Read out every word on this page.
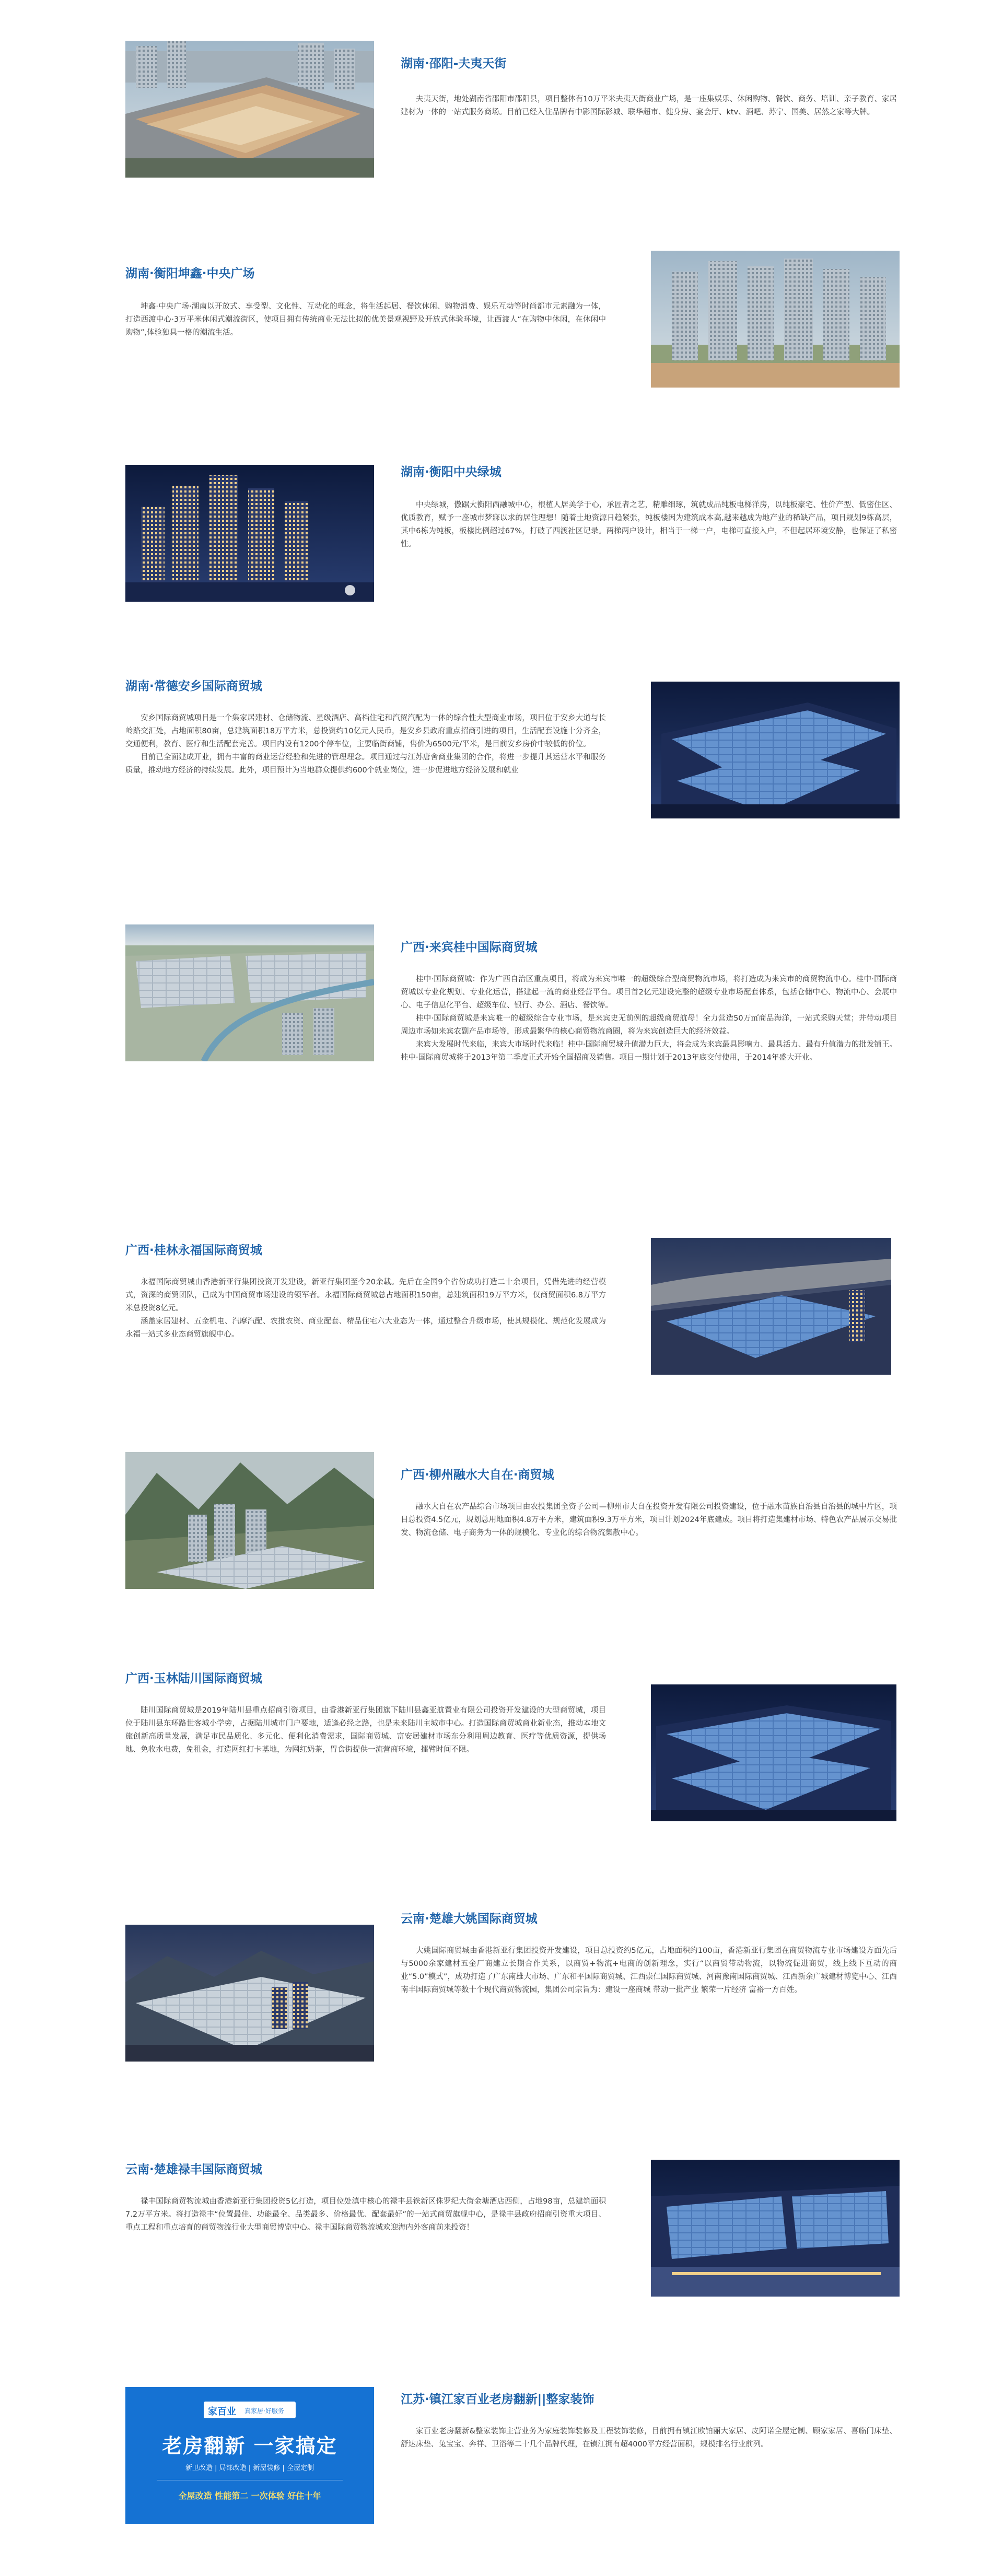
湖南·邵阳-夫夷天街

夫夷天街，地处湖南省邵阳市邵阳县，项目整体有10万平米夫夷天街商业广场，是一座集娱乐、休闲购物、餐饮、商务、培训、亲子教育、家居建材为一体的一站式服务商场。目前已经入住品牌有中影国际影城、联华超市、健身房、宴会厅、ktv、酒吧、苏宁、国美、居然之家等大牌。

湖南·衡阳坤鑫·中央广场

坤鑫·中央广场·湖南以开放式、享受型、文化性、互动化的理念，将生活起居、餐饮休闲、购物消费、娱乐互动等时尚都市元素融为一体，打造西渡中心·3万平米休闲式潮流街区，使项目拥有传统商业无法比拟的优美景观视野及开放式休验环境，让西渡人“在购物中休闲，在休闲中购物”,体验独具一格的潮流生活。

湖南·衡阳中央绿城

中央绿城，傲踞大衡阳西融城中心，根植人居美学于心，承匠者之艺，精雕细琢，筑就成品纯板电梯洋房，以纯板豪宅、性价产型、低密住区、优质教育，赋予一座城市梦寐以求的居住理想！随着土地资源日趋紧张，纯板楼因为建筑成本高,越来越成为地产业的稀缺产品，项目规划9栋高层，其中6栋为纯板，板楼比例超过67%，打破了西渡社区记录。两梯两户设计，相当于一梯一户，电梯可直接入户，不但起居环境安静，也保证了私密性。

湖南·常德安乡国际商贸城

安乡国际商贸城项目是一个集家居建材、仓储物流、星级酒店、高档住宅和汽贸汽配为一体的综合性大型商业市场，项目位于安乡大道与长岭路交汇处，占地面积80亩，总建筑面积18万平方米，总投资约10亿元人民币，是安乡县政府重点招商引进的项目，生活配套设施十分齐全，交通便利，教育、医疗和生活配套完善。项目内设有1200个停车位，主要临街商铺，售价为6500元/平米，是目前安乡房价中较低的价位。

目前已全面建成开业，拥有丰富的商业运营经验和先进的管理理念。项目通过与江苏唐舍商业集团的合作，将进一步提升其运营水平和服务质量，推动地方经济的持续发展。此外，项目预计为当地群众提供约600个就业岗位，进一步促进地方经济发展和就业

广西·来宾桂中国际商贸城

桂中·国际商贸城：作为广西自治区重点项目，将成为来宾市唯一的超级综合型商贸物流市场，将打造成为来宾市的商贸物流中心。桂中·国际商贸城以专业化规划、专业化运营，搭建起一流的商业经营平台。项目首2亿元建设完整的超级专业市场配套体系，包括仓储中心、物流中心、会展中心、电子信息化平台、超级车位、银行、办公、酒店、餐饮等。

桂中·国际商贸城是来宾唯一的超级综合专业市场，是来宾史无前例的超级商贸航母！全力营造50万㎡商品海洋，一站式采购天堂；并带动项目周边市场如来宾农副产品市场等，形成最繁华的核心商贸物流商圈，将为来宾创造巨大的经济效益。

来宾大发展时代来临，来宾大市场时代来临！桂中·国际商贸城升值潜力巨大，将会成为来宾最具影响力、最具活力、最有升值潜力的批发铺王。桂中·国际商贸城将于2013年第二季度正式开始全国招商及销售。项目一期计划于2013年底交付使用，于2014年盛大开业。

广西·桂林永福国际商贸城

永福国际商贸城由香港新亚行集团投资开发建设，新亚行集团至今20余载。先后在全国9个省份成功打造二十余项目，凭借先进的经营模式，资深的商贸团队，已成为中国商贸市场建设的领军者。永福国际商贸城总占地面积150亩，总建筑面积19万平方米，仅商贸面积6.8万平方米总投资8亿元。

涵盖家居建材、五金机电、汽摩汽配、农批农资、商业配套、精品住宅六大业态为一体，通过整合升级市场，使其规模化、规范化发展成为永福一站式多业态商贸旗舰中心。

广西·柳州融水大自在·商贸城

融水大自在农产品综合市场项目由农投集团全资子公司—柳州市大自在投资开发有限公司投资建设，位于融水苗族自治县自治县的城中片区，项目总投资4.5亿元，规划总用地面积4.8万平方米，建筑面积9.3万平方米，项目计划2024年底建成。项目将打造集建材市场、特色农产品展示交易批发、物流仓储、电子商务为一体的规模化、专业化的综合物流集散中心。

广西·玉林陆川国际商贸城

陆川国际商贸城是2019年陆川县重点招商引资项目，由香港新亚行集团旗下陆川县鑫亚航置业有限公司投资开发建设的大型商贸城，项目位于陆川县东环路世客城小学旁，占据陆川城市门户要地，适逢必经之路，也是未来陆川主城市中心。打造国际商贸城商业新业态，推动本地文旅创新高质量发展，满足市民品质化、多元化、便利化消费需求，国际商贸城、富安居建材市场东分利用周边教育、医疗等优质资源，提供场地、免收水电费，免租金，打造网红打卡基地，为网红奶茶，胃食街提供一流营商环境，擂臂时间不限。

云南·楚雄大姚国际商贸城

大姚国际商贸城由香港新亚行集团投资开发建设，项目总投资约5亿元，占地面积约100亩，香港新亚行集团在商贸物流专业市场建设方面先后与5000余家建材五金厂商建立长期合作关系，以商贸+物流+电商的创新理念，实行“以商贸带动物流，以物流促进商贸，线上线下互动的商业“5.0”模式”，成功打造了广东南雄大市场、广东和平国际商贸城、江西崇仁国际商贸城、河南豫南国际商贸城、江西新余广城建材博览中心、江西南丰国际商贸城等数十个现代商贸物流园，集团公司宗旨为：建设一座商城 带动一批产业 繁荣一片经济 富裕一方百姓。

云南·楚雄禄丰国际商贸城

禄丰国际商贸物流城由香港新亚行集团投资5亿打造，项目位处滇中核心的禄丰县铁新区侏罗纪大街金塘酒店西侧，占地98亩，总建筑面积7.2万平方米。将打造禄丰“位置最佳、功能最全、品类最多、价格最优、配套最好”的一站式商贸旗舰中心，是禄丰县政府招商引资重大项目、重点工程和重点培育的商贸物流行业大型商贸博览中心。禄丰国际商贸物流城欢迎海内外客商前来投资！

家百业 真家居·好服务
老房翻新 一家搞定
新卫改造 | 局部改造 | 新屋装修 | 全屋定制
全屋改造 性能第二 一次体验 好住十年
江苏·镇江家百业老房翻新||整家装饰

家百业老房翻新&整家装饰主营业务为家庭装饰装修及工程装饰装修，目前拥有镇江欧铂丽大家居、皮阿诺全屋定制、顾家家居、喜临门床垫、舒达床垫、兔宝宝、奔祥、卫浴等二十几个品牌代理，在镇江拥有超4000平方经营面积，规模排名行业前列。
